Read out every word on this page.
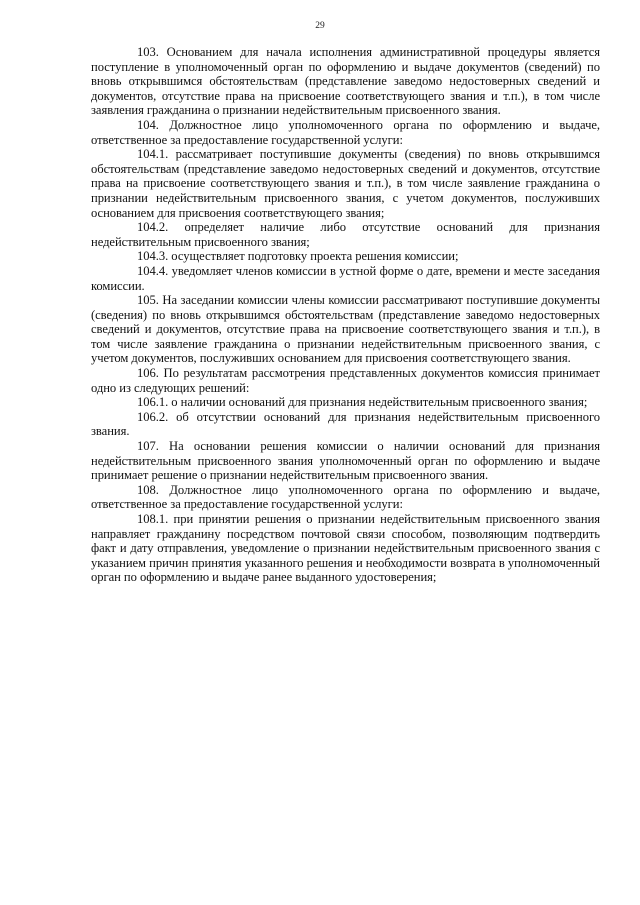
29

103. Основанием для начала исполнения административной процедуры является поступление в уполномоченный орган по оформлению и выдаче документов (сведений) по вновь открывшимся обстоятельствам (представление заведомо недостоверных сведений и документов, отсутствие права на присвоение соответствующего звания и т.п.), в том числе заявления гражданина о признании недействительным присвоенного звания.

104. Должностное лицо уполномоченного органа по оформлению и выдаче, ответственное за предоставление государственной услуги:

104.1. рассматривает поступившие документы (сведения) по вновь открывшимся обстоятельствам (представление заведомо недостоверных сведений и документов, отсутствие права на присвоение соответствующего звания и т.п.), в том числе заявление гражданина о признании недействительным присвоенного звания, с учетом документов, послуживших основанием для присвоения соответствующего звания;

104.2. определяет наличие либо отсутствие оснований для признания недействительным присвоенного звания;

104.3. осуществляет подготовку проекта решения комиссии;

104.4. уведомляет членов комиссии в устной форме о дате, времени и месте заседания комиссии.

105. На заседании комиссии члены комиссии рассматривают поступившие документы (сведения) по вновь открывшимся обстоятельствам (представление заведомо недостоверных сведений и документов, отсутствие права на присвоение соответствующего звания и т.п.), в том числе заявление гражданина о признании недействительным присвоенного звания, с учетом документов, послуживших основанием для присвоения соответствующего звания.

106. По результатам рассмотрения представленных документов комиссия принимает одно из следующих решений:

106.1. о наличии оснований для признания недействительным присвоенного звания;

106.2. об отсутствии оснований для признания недействительным присвоенного звания.

107. На основании решения комиссии о наличии оснований для признания недействительным присвоенного звания уполномоченный орган по оформлению и выдаче принимает решение о признании недействительным присвоенного звания.

108. Должностное лицо уполномоченного органа по оформлению и выдаче, ответственное за предоставление государственной услуги:

108.1. при принятии решения о признании недействительным присвоенного звания направляет гражданину посредством почтовой связи способом, позволяющим подтвердить факт и дату отправления, уведомление о признании недействительным присвоенного звания с указанием причин принятия указанного решения и необходимости возврата в уполномоченный орган по оформлению и выдаче ранее выданного удостоверения;
